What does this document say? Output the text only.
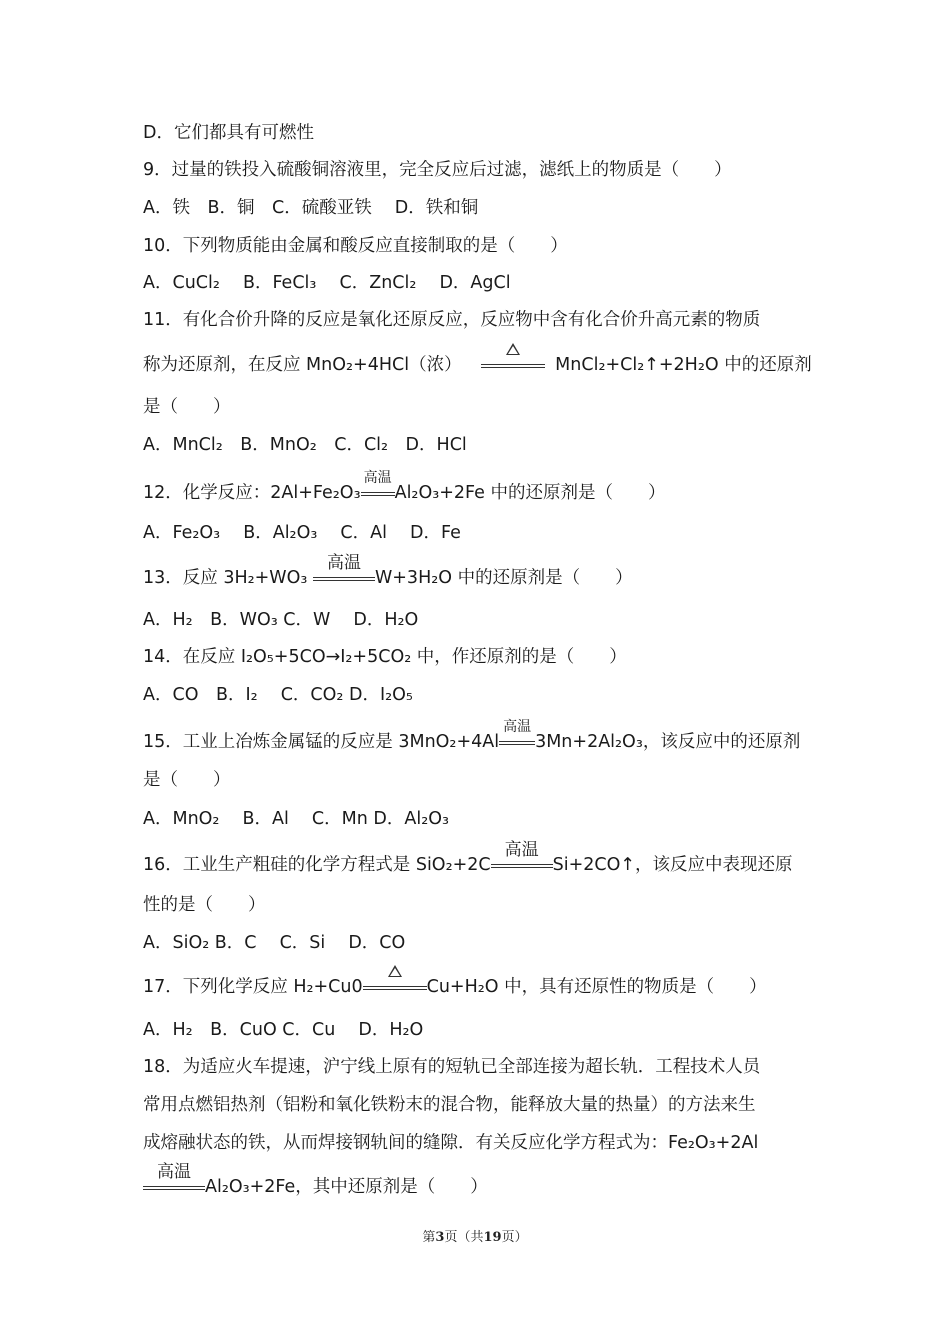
D．它们都具有可燃性
9．过量的铁投入硫酸铜溶液里，完全反应后过滤，滤纸上的物质是（　　）
A．铁　B．铜　C．硫酸亚铁　 D．铁和铜
10．下列物质能由金属和酸反应直接制取的是（　　）
A．CuCl₂　 B．FeCl₃　 C．ZnCl₂　 D．AgCl
11．有化合价升降的反应是氧化还原反应，反应物中含有化合价升高元素的物质
称为还原剂，在反应 MnO₂+4HCl（浓）	MnCl₂+Cl₂↑+2H₂O 中的还原剂
是（　　）
A．MnCl₂　B．MnO₂　C．Cl₂　D．HCl
12．化学反应：2Al+Fe₂O₃
高温
Al₂O₃+2Fe 中的还原剂是（　　）
A．Fe₂O₃　 B．Al₂O₃　 C．Al　 D．Fe
13．反应 3H₂+WO₃
高温
W+3H₂O 中的还原剂是（　　）
A．H₂　B．WO₃ C．W　 D．H₂O
14．在反应 I₂O₅+5CO→I₂+5CO₂ 中，作还原剂的是（　　）
A．CO　B．I₂　 C．CO₂ D．I₂O₅
15．工业上冶炼金属锰的反应是 3MnO₂+4Al
高温
3Mn+2Al₂O₃，该反应中的还原剂
是（　　）
A．MnO₂　 B．Al　 C．Mn D．Al₂O₃
16．工业生产粗硅的化学方程式是 SiO₂+2C
高温
Si+2CO↑，该反应中表现还原
性的是（　　）
A．SiO₂ B．C　 C．Si　 D．CO
17．下列化学反应 H₂+Cu0	Cu+H₂O 中，具有还原性的物质是（　　）
A．H₂　B．CuO C．Cu　 D．H₂O
18．为适应火车提速，沪宁线上原有的短轨已全部连接为超长轨．工程技术人员
常用点燃铝热剂（铝粉和氧化铁粉末的混合物，能释放大量的热量）的方法来生
成熔融状态的铁，从而焊接钢轨间的缝隙．有关反应化学方程式为：Fe₂O₃+2Al
高温
Al₂O₃+2Fe，其中还原剂是（　　）
第3页（共19页）
